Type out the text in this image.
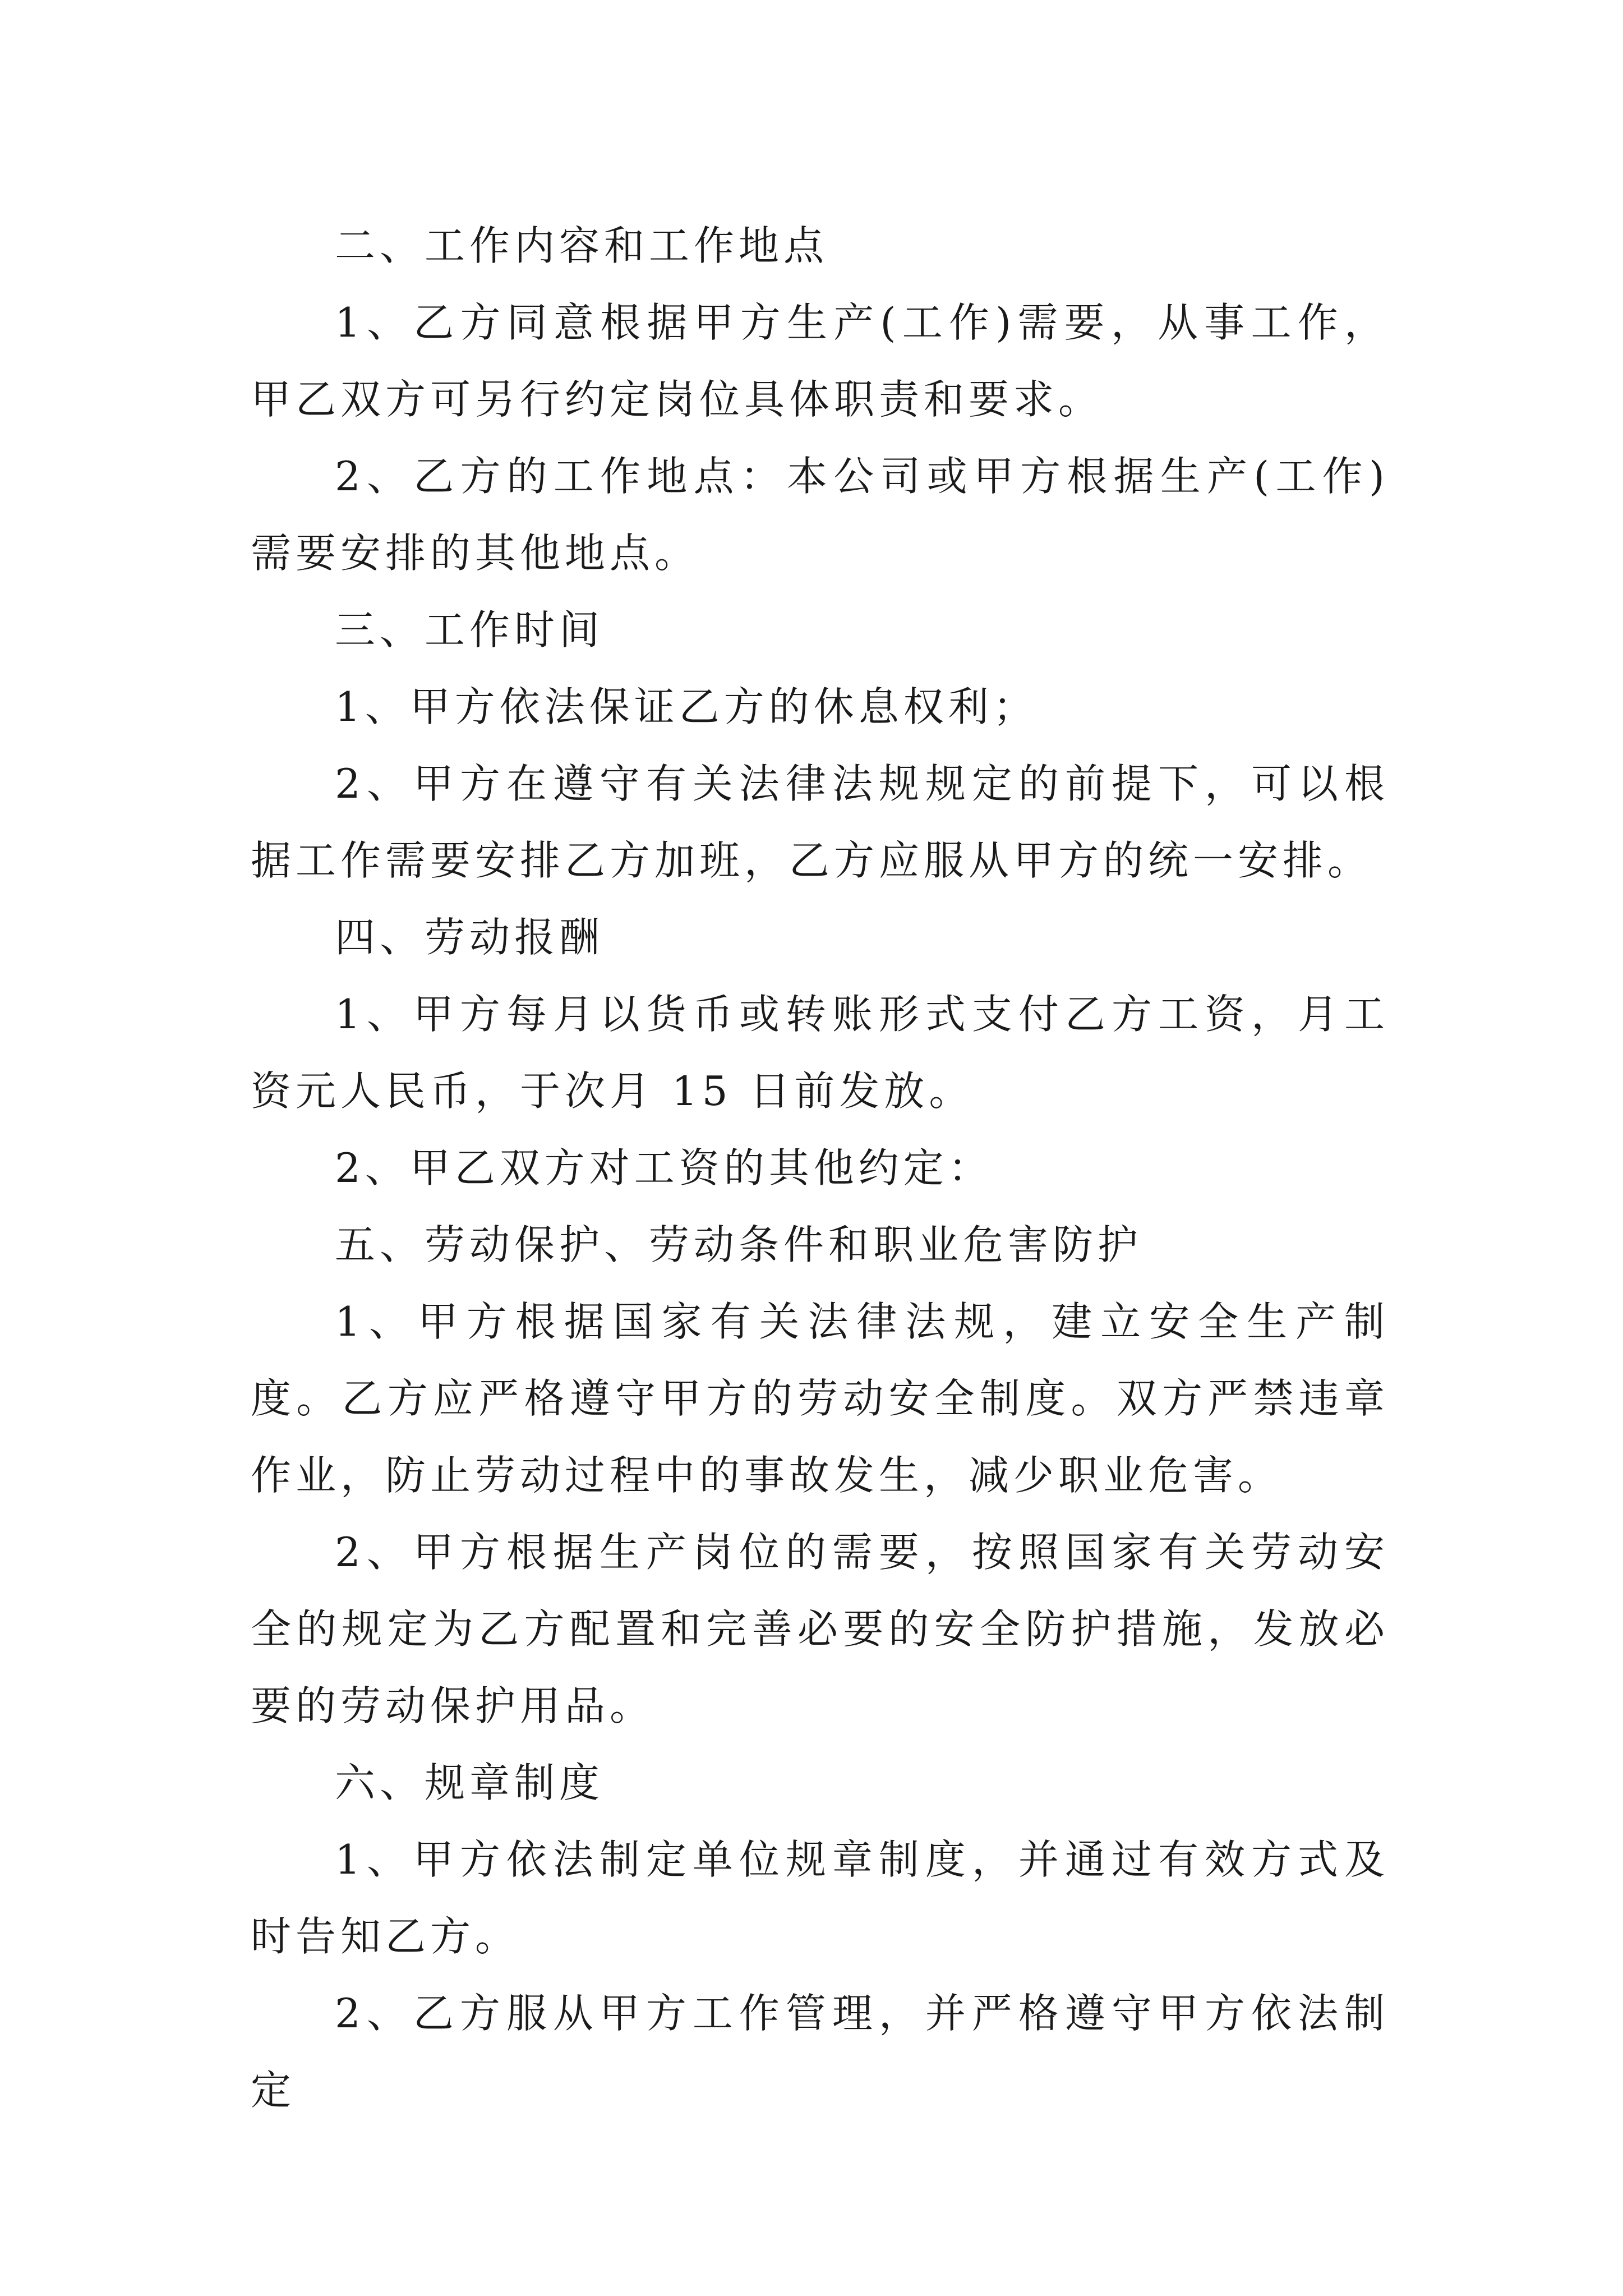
二、工作内容和工作地点

1、乙方同意根据甲方生产(工作)需要，从事工作，甲乙双方可另行约定岗位具体职责和要求。

2、乙方的工作地点：本公司或甲方根据生产(工作)需要安排的其他地点。

三、工作时间

1、甲方依法保证乙方的休息权利；

2、甲方在遵守有关法律法规规定的前提下，可以根据工作需要安排乙方加班，乙方应服从甲方的统一安排。

四、劳动报酬

1、甲方每月以货币或转账形式支付乙方工资，月工资元人民币，于次月 15 日前发放。

2、甲乙双方对工资的其他约定：

五、劳动保护、劳动条件和职业危害防护

1、甲方根据国家有关法律法规，建立安全生产制度。乙方应严格遵守甲方的劳动安全制度。双方严禁违章作业，防止劳动过程中的事故发生，减少职业危害。

2、甲方根据生产岗位的需要，按照国家有关劳动安全的规定为乙方配置和完善必要的安全防护措施，发放必要的劳动保护用品。

六、规章制度

1、甲方依法制定单位规章制度，并通过有效方式及时告知乙方。

2、乙方服从甲方工作管理，并严格遵守甲方依法制定
